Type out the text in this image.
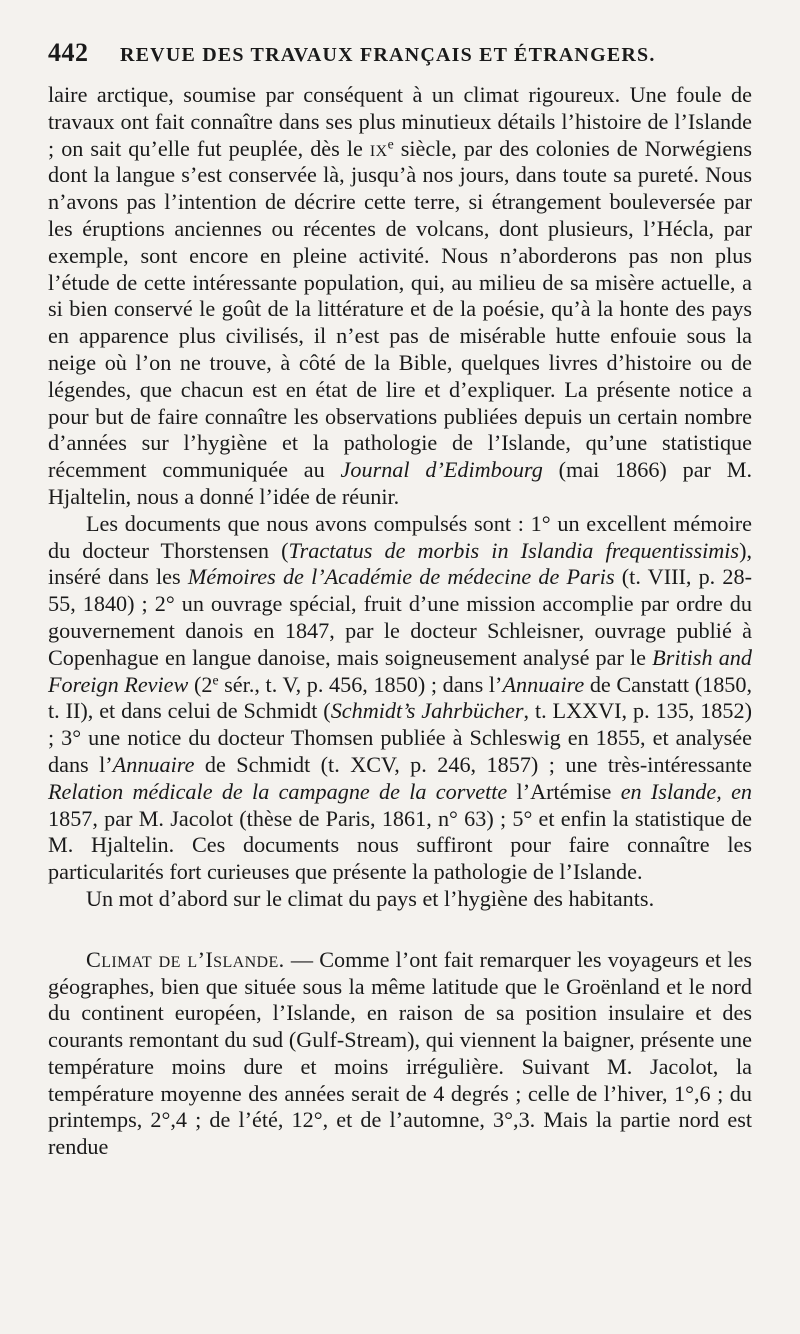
442	REVUE DES TRAVAUX FRANÇAIS ET ÉTRANGERS.

laire arctique, soumise par conséquent à un climat rigoureux. Une foule de travaux ont fait connaître dans ses plus minutieux détails l’histoire de l’Islande ; on sait qu’elle fut peuplée, dès le $ix^e$ siècle, par des colonies de Norwégiens dont la langue s’est conservée là, jusqu’à nos jours, dans toute sa pureté. Nous n’avons pas l’intention de décrire cette terre, si étrangement bouleversée par les éruptions anciennes ou récentes de volcans, dont plusieurs, l’Hécla, par exemple, sont encore en pleine activité. Nous n’aborderons pas non plus l’étude de cette intéressante population, qui, au milieu de sa misère actuelle, a si bien conservé le goût de la littérature et de la poésie, qu’à la honte des pays en apparence plus civilisés, il n’est pas de misérable hutte enfouie sous la neige où l’on ne trouve, à côté de la Bible, quelques livres d’histoire ou de légendes, que chacun est en état de lire et d’expliquer. La présente notice a pour but de faire connaître les observations publiées depuis un certain nombre d’années sur l’hygiène et la pathologie de l’Islande, qu’une statistique récemment communiquée au Journal d’Edimbourg (mai 1866) par M. Hjaltelin, nous a donné l’idée de réunir.

Les documents que nous avons compulsés sont : 1° un excellent mémoire du docteur Thorstensen (Tractatus de morbis in Islandia frequentissimis), inséré dans les Mémoires de l’Académie de médecine de Paris (t. VIII, p. 28-55, 1840) ; 2° un ouvrage spécial, fruit d’une mission accomplie par ordre du gouvernement danois en 1847, par le docteur Schleisner, ouvrage publié à Copenhague en langue danoise, mais soigneusement analysé par le British and Foreign Review (2e sér., t. V, p. 456, 1850) ; dans l’Annuaire de Canstatt (1850, t. II), et dans celui de Schmidt (Schmidt’s Jahrbücher, t. LXXVI, p. 135, 1852) ; 3° une notice du docteur Thomsen publiée à Schleswig en 1855, et analysée dans l’Annuaire de Schmidt (t. XCV, p. 246, 1857) ; une très-intéressante Relation médicale de la campagne de la corvette l’Artémise en Islande, en 1857, par M. Jacolot (thèse de Paris, 1861, n° 63) ; 5° et enfin la statistique de M. Hjaltelin. Ces documents nous suffiront pour faire connaître les particularités fort curieuses que présente la pathologie de l’Islande.

Un mot d’abord sur le climat du pays et l’hygiène des habitants.

Climat de l’Islande. — Comme l’ont fait remarquer les voyageurs et les géographes, bien que située sous la même latitude que le Groënland et le nord du continent européen, l’Islande, en raison de sa position insulaire et des courants remontant du sud (Gulf-Stream), qui viennent la baigner, présente une température moins dure et moins irrégulière. Suivant M. Jacolot, la température moyenne des années serait de 4 degrés ; celle de l’hiver, 1°,6 ; du printemps, 2°,4 ; de l’été, 12°, et de l’automne, 3°,3. Mais la partie nord est rendue
